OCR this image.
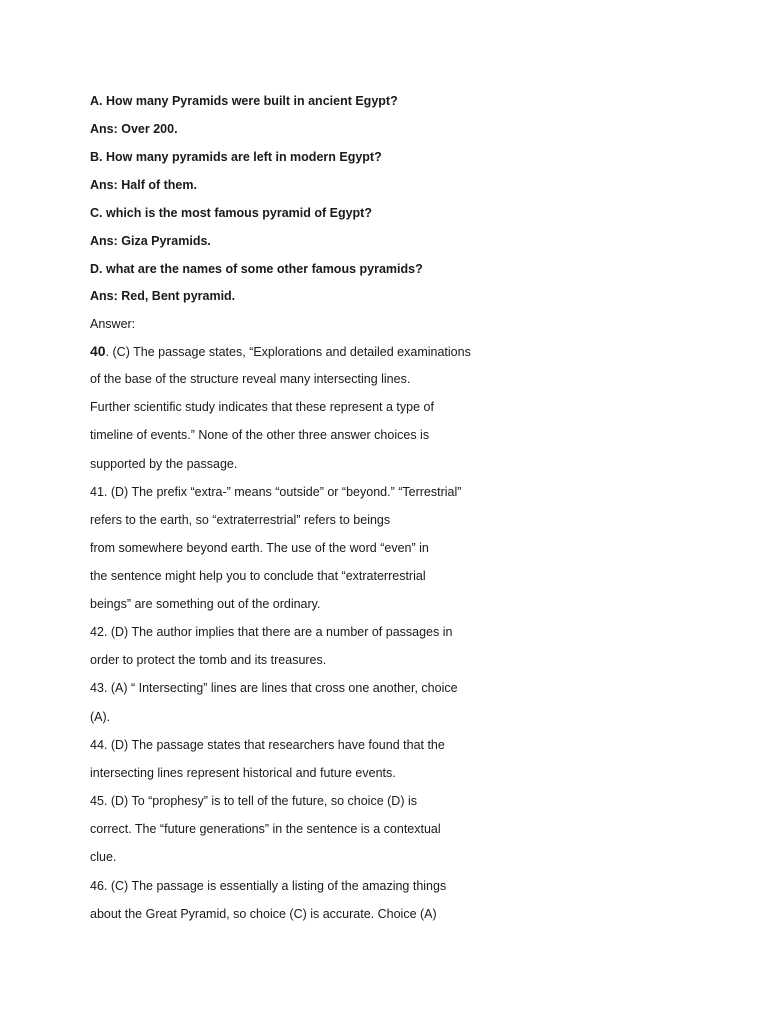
A. How many Pyramids were built in ancient Egypt?
Ans: Over 200.
B. How many pyramids are left in modern Egypt?
Ans: Half of them.
C. which is the most famous pyramid of Egypt?
Ans: Giza Pyramids.
D. what are the names of some other famous pyramids?
Ans: Red, Bent pyramid.
Answer:
40. (C) The passage states, “Explorations and detailed examinations
of the base of the structure reveal many intersecting lines.
Further scientific study indicates that these represent a type of
timeline of events.” None of the other three answer choices is
supported by the passage.
41. (D) The prefix “extra-” means “outside” or “beyond.” “Terrestrial”
refers to the earth, so “extraterrestrial” refers to beings
from somewhere beyond earth. The use of the word “even” in
the sentence might help you to conclude that “extraterrestrial
beings” are something out of the ordinary.
42. (D) The author implies that there are a number of passages in
order to protect the tomb and its treasures.
43. (A) “ Intersecting” lines are lines that cross one another, choice
(A).
44. (D) The passage states that researchers have found that the
intersecting lines represent historical and future events.
45. (D) To “prophesy” is to tell of the future, so choice (D) is
correct. The “future generations” in the sentence is a contextual
clue.
46. (C) The passage is essentially a listing of the amazing things
about the Great Pyramid, so choice (C) is accurate. Choice (A)
